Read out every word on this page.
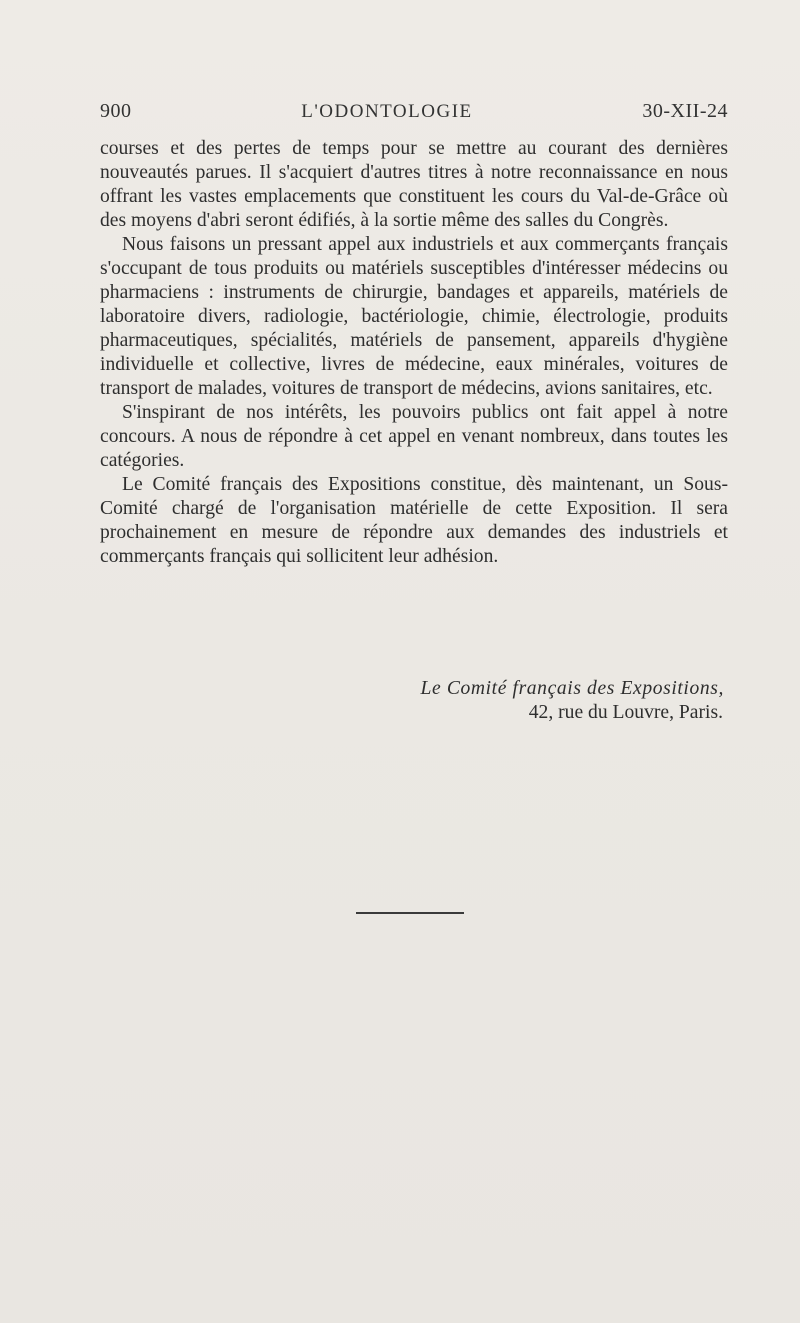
900	L'ODONTOLOGIE	30-XII-24

courses et des pertes de temps pour se mettre au courant des dernières nouveautés parues. Il s'acquiert d'autres titres à notre reconnaissance en nous offrant les vastes emplacements que constituent les cours du Val-de-Grâce où des moyens d'abri seront édifiés, à la sortie même des salles du Congrès.

Nous faisons un pressant appel aux industriels et aux commerçants français s'occupant de tous produits ou matériels susceptibles d'intéresser médecins ou pharmaciens : instruments de chirurgie, bandages et appareils, matériels de laboratoire divers, radiologie, bactériologie, chimie, électrologie, produits pharmaceutiques, spécialités, matériels de pansement, appareils d'hygiène individuelle et collective, livres de médecine, eaux minérales, voitures de transport de malades, voitures de transport de médecins, avions sanitaires, etc.

S'inspirant de nos intérêts, les pouvoirs publics ont fait appel à notre concours. A nous de répondre à cet appel en venant nombreux, dans toutes les catégories.

Le Comité français des Expositions constitue, dès maintenant, un Sous-Comité chargé de l'organisation matérielle de cette Exposition. Il sera prochainement en mesure de répondre aux demandes des industriels et commerçants français qui sollicitent leur adhésion.

Le Comité français des Expositions,
42, rue du Louvre, Paris.
